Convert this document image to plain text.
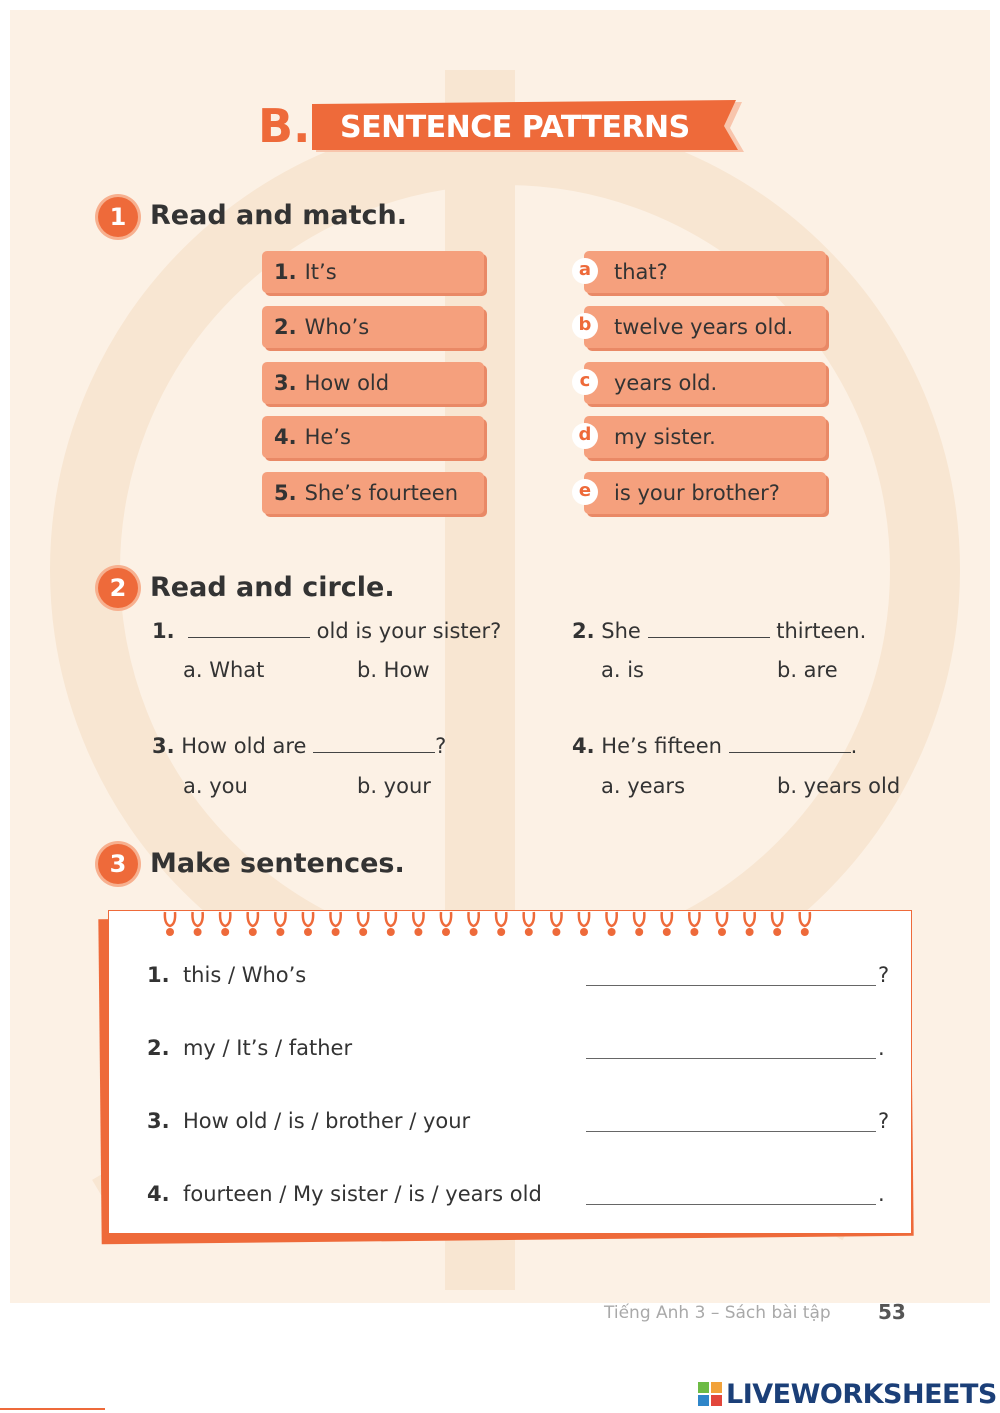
B. SENTENCE PATTERNS
1 Read and match.
1. It’s
2. Who’s
3. How old
4. He’s
5. She’s fourteen
that?
twelve years old.
years old.
my sister.
is your brother?
a
b
c
d
e
2 Read and circle.
1.	old is your sister?
a. What	b. How
2. She	thirteen.
a. is	b. are
3. How old are	?
a. you	b. your
4. He’s fifteen	.
a. years	b. years old
3 Make sentences.
1. this / Who’s	?
2. my / It’s / father	.
3. How old / is / brother / your	?
4. fourteen / My sister / is / years old	.
Tiếng Anh 3 – Sách bài tập 53
LIVEWORKSHEETS
